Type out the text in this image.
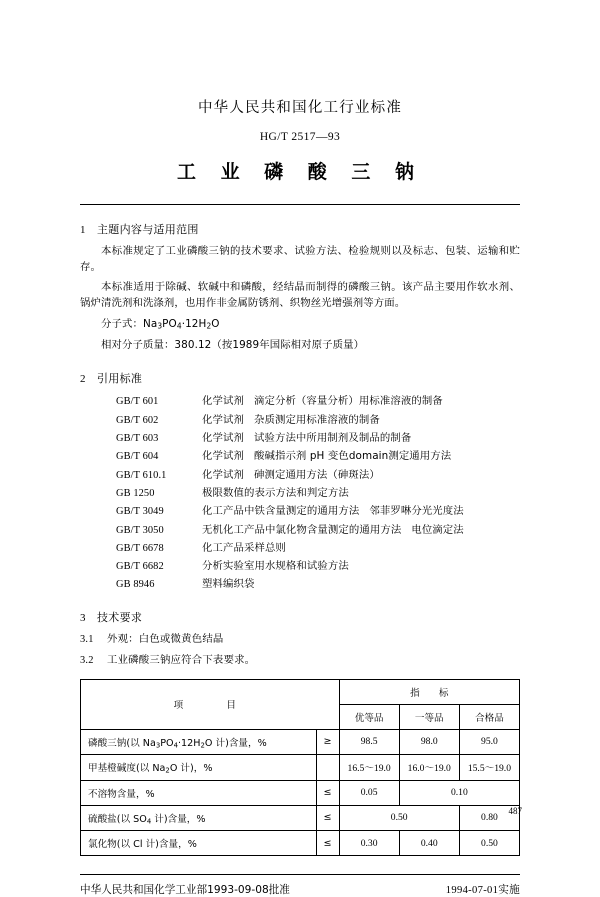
中华人民共和国化工行业标准
HG/T 2517—93
工 业 磷 酸 三 钠
1 主题内容与适用范围
本标准规定了工业磷酸三钠的技术要求、试验方法、检验规则以及标志、包装、运输和贮存。
本标准适用于除碱、软碱中和磷酸，经结晶而制得的磷酸三钠。该产品主要用作软水剂、锅炉清洗剂和洗涤剂，也用作非金属防锈剂、织物丝光增强剂等方面。
分子式：$Na_3PO_4\cdot 12H_2O$
相对分子质量：380.12（按1989年国际相对原子质量）
2 引用标准
GB/T 601	化学试剂 滴定分析（容量分析）用标准溶液的制备
GB/T 602	化学试剂 杂质测定用标准溶液的制备
GB/T 603	化学试剂 试验方法中所用制剂及制品的制备
GB/T 604	化学试剂 酸碱指示剂 pH 变色domain测定通用方法
GB/T 610.1	化学试剂 砷测定通用方法（砷斑法）
GB 1250	极限数值的表示方法和判定方法
GB/T 3049	化工产品中铁含量测定的通用方法 邻菲罗啉分光光度法
GB/T 3050	无机化工产品中氯化物含量测定的通用方法 电位滴定法
GB/T 6678	化工产品采样总则
GB/T 6682	分析实验室用水规格和试验方法
GB 8946	塑料编织袋
3 技术要求
3.1 外观：白色或微黄色结晶
3.2 工业磷酸三钠应符合下表要求。
项　　目		指　　标		
		优等品	一等品	合格品
磷酸三钠(以 $Na_3PO_4\cdot 12H_2O$ 计)含量，%	≥	98.5	98.0	95.0
甲基橙碱度(以 $Na_2O$ 计)，%		16.5～19.0	16.0～19.0	15.5～19.0
不溶物含量，%	≤	0.05	0.10	
硫酸盐(以 $SO_4$ 计)含量，%	≤	0.50		0.80
氯化物(以 Cl 计)含量，%	≤	0.30	0.40	0.50
中华人民共和国化学工业部1993-09-08批准	1994-07-01实施
487
